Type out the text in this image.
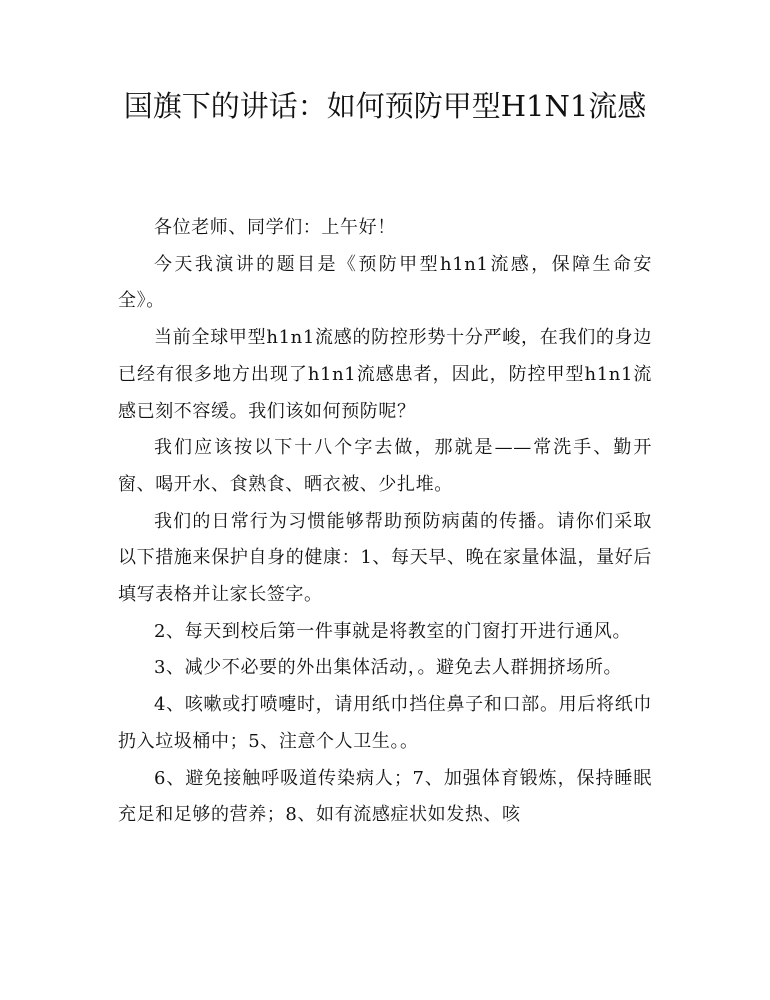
国旗下的讲话：如何预防甲型H1N1流感

各位老师、同学们：上午好！

今天我演讲的题目是《预防甲型h1n1流感，保障生命安全》。

当前全球甲型h1n1流感的防控形势十分严峻，在我们的身边已经有很多地方出现了h1n1流感患者，因此，防控甲型h1n1流感已刻不容缓。我们该如何预防呢？

我们应该按以下十八个字去做，那就是——常洗手、勤开窗、喝开水、食熟食、晒衣被、少扎堆。

我们的日常行为习惯能够帮助预防病菌的传播。请你们采取以下措施来保护自身的健康：1、每天早、晚在家量体温，量好后填写表格并让家长签字。

2、每天到校后第一件事就是将教室的门窗打开进行通风。

3、减少不必要的外出集体活动，。避免去人群拥挤场所。

4、咳嗽或打喷嚏时，请用纸巾挡住鼻子和口部。用后将纸巾扔入垃圾桶中；5、注意个人卫生。。

6、避免接触呼吸道传染病人；7、加强体育锻炼，保持睡眠充足和足够的营养；8、如有流感症状如发热、咳
